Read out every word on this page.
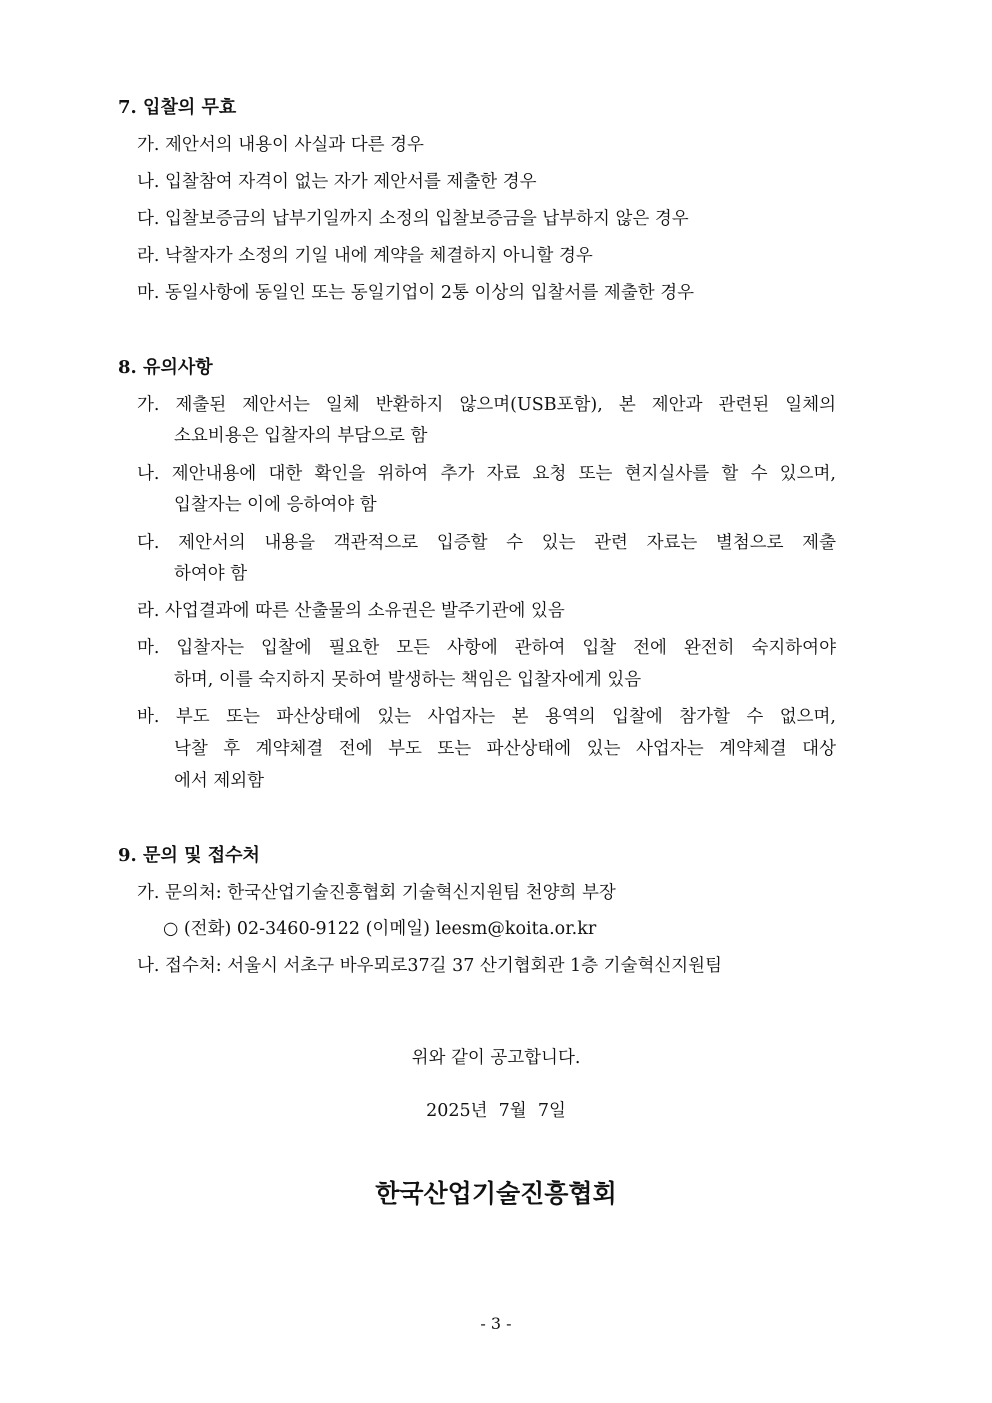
7. 입찰의 무효
가. 제안서의 내용이 사실과 다른 경우
나. 입찰참여 자격이 없는 자가 제안서를 제출한 경우
다. 입찰보증금의 납부기일까지 소정의 입찰보증금을 납부하지 않은 경우
라. 낙찰자가 소정의 기일 내에 계약을 체결하지 아니할 경우
마. 동일사항에 동일인 또는 동일기업이 2통 이상의 입찰서를 제출한 경우
8. 유의사항
가. 제출된 제안서는 일체 반환하지 않으며(USB포함), 본 제안과 관련된 일체의
소요비용은 입찰자의 부담으로 함
나. 제안내용에 대한 확인을 위하여 추가 자료 요청 또는 현지실사를 할 수 있으며,
입찰자는 이에 응하여야 함
다. 제안서의 내용을 객관적으로 입증할 수 있는 관련 자료는 별첨으로 제출
하여야 함
라. 사업결과에 따른 산출물의 소유권은 발주기관에 있음
마. 입찰자는 입찰에 필요한 모든 사항에 관하여 입찰 전에 완전히 숙지하여야
하며, 이를 숙지하지 못하여 발생하는 책임은 입찰자에게 있음
바. 부도 또는 파산상태에 있는 사업자는 본 용역의 입찰에 참가할 수 없으며,
낙찰 후 계약체결 전에 부도 또는 파산상태에 있는 사업자는 계약체결 대상
에서 제외함
9. 문의 및 접수처
가. 문의처: 한국산업기술진흥협회 기술혁신지원팀 천양희 부장
○ (전화) 02-3460-9122 (이메일) leesm@koita.or.kr
나. 접수처: 서울시 서초구 바우뫼로37길 37 산기협회관 1층 기술혁신지원팀
위와 같이 공고합니다.
2025년  7월  7일
한국산업기술진흥협회
- 3 -
